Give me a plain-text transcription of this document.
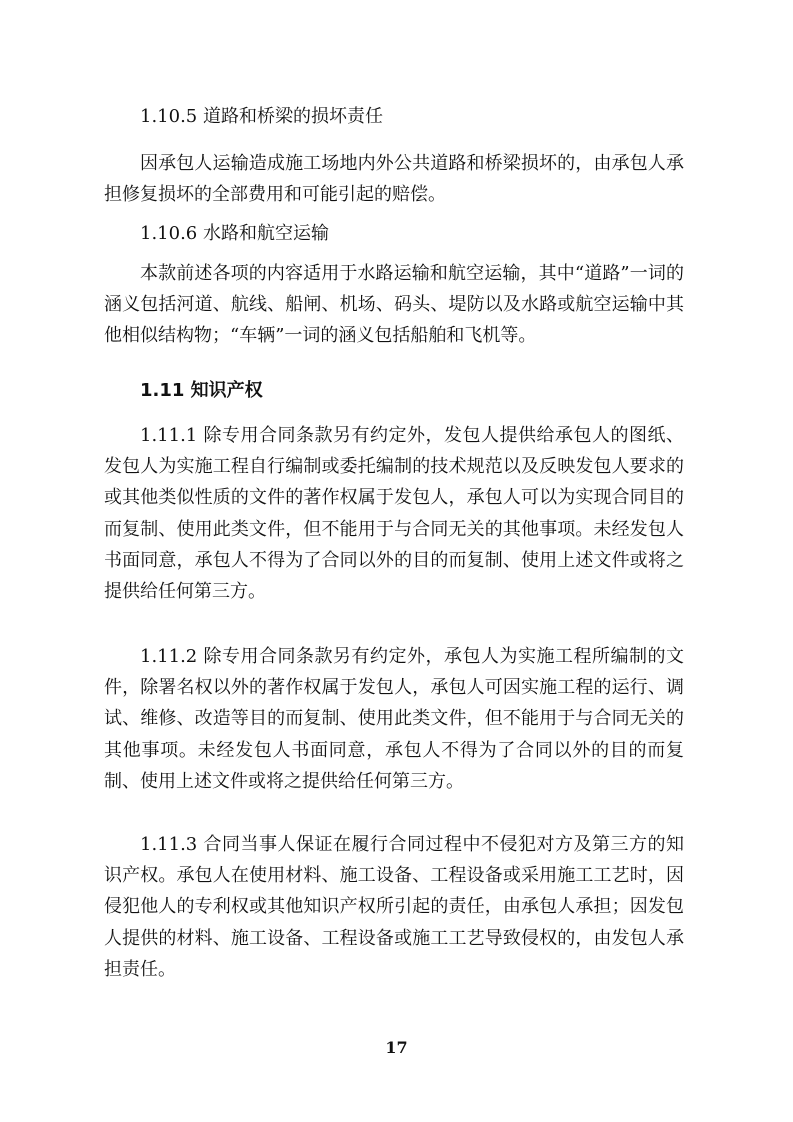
1.10.5 道路和桥梁的损坏责任

因承包人运输造成施工场地内外公共道路和桥梁损坏的，由承包人承担修复损坏的全部费用和可能引起的赔偿。

1.10.6 水路和航空运输

本款前述各项的内容适用于水路运输和航空运输，其中“道路”一词的涵义包括河道、航线、船闸、机场、码头、堤防以及水路或航空运输中其他相似结构物；“车辆”一词的涵义包括船舶和飞机等。

1.11 知识产权

1.11.1 除专用合同条款另有约定外，发包人提供给承包人的图纸、发包人为实施工程自行编制或委托编制的技术规范以及反映发包人要求的或其他类似性质的文件的著作权属于发包人，承包人可以为实现合同目的而复制、使用此类文件，但不能用于与合同无关的其他事项。未经发包人书面同意，承包人不得为了合同以外的目的而复制、使用上述文件或将之提供给任何第三方。

1.11.2 除专用合同条款另有约定外，承包人为实施工程所编制的文件，除署名权以外的著作权属于发包人，承包人可因实施工程的运行、调试、维修、改造等目的而复制、使用此类文件，但不能用于与合同无关的其他事项。未经发包人书面同意，承包人不得为了合同以外的目的而复制、使用上述文件或将之提供给任何第三方。

1.11.3 合同当事人保证在履行合同过程中不侵犯对方及第三方的知识产权。承包人在使用材料、施工设备、工程设备或采用施工工艺时，因侵犯他人的专利权或其他知识产权所引起的责任，由承包人承担；因发包人提供的材料、施工设备、工程设备或施工工艺导致侵权的，由发包人承担责任。

17
